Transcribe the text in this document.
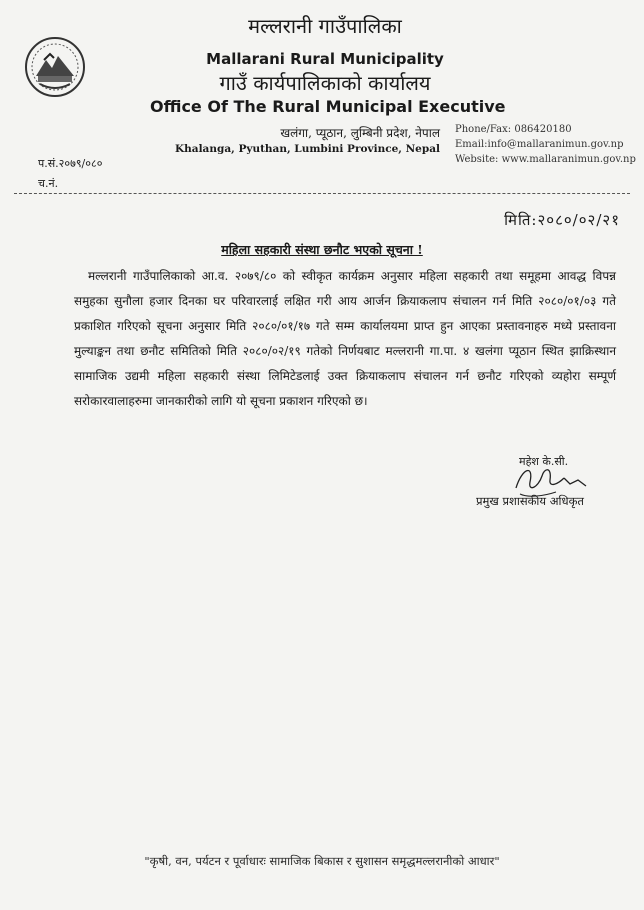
मल्लरानी गाउँपालिका
Mallarani Rural Municipality
गाउँ कार्यपालिकाको कार्यालय
Office Of The Rural Municipal Executive
खलंगा, प्यूठान, लुम्बिनी प्रदेश, नेपाल
Khalanga, Pyuthan, Lumbini Province, Nepal
Phone/Fax: 086420180
Email:info@mallaranimun.gov.np
Website: www.mallaranimun.gov.np
प.सं.२०७९/०८०
च.नं.
मिति:२०८०/०२/२१
महिला सहकारी संस्था छनौट भएको सूचना !
मल्लरानी गाउँपालिकाको आ.व. २०७९/८० को स्वीकृत कार्यक्रम अनुसार महिला सहकारी तथा समूहमा आवद्ध विपन्न समुहका सुनौला हजार दिनका घर परिवारलाई लक्षित गरी आय आर्जन क्रियाकलाप संचालन गर्न मिति २०८०/०१/०३ गते प्रकाशित गरिएको सूचना अनुसार मिति २०८०/०१/१७ गते सम्म कार्यालयमा प्राप्त हुन आएका प्रस्तावनाहरु मध्ये प्रस्तावना मुल्याङ्कन तथा छनौट समितिको मिति २०८०/०२/१९ गतेको निर्णयबाट मल्लरानी गा.पा. ४ खलंगा प्यूठान स्थित झाक्रिस्थान सामाजिक उद्यमी महिला सहकारी संस्था लिमिटेडलाई उक्त क्रियाकलाप संचालन गर्न छनौट गरिएको व्यहोरा सम्पूर्ण सरोकारवालाहरुमा जानकारीको लागि यो सूचना प्रकाशन गरिएको छ।
महेश के.सी.
प्रमुख प्रशासकीय अधिकृत
"कृषी, वन, पर्यटन र पूर्वाधारः सामाजिक बिकास र सुशासन समृद्धमल्लरानीको आधार"
